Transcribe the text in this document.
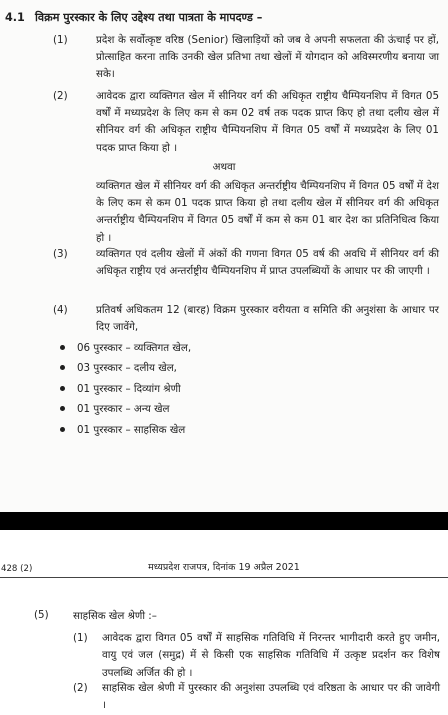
4.1 विक्रम पुरस्कार के लिए उद्देश्य तथा पात्रता के मापदण्ड –
(1)	प्रदेश के सर्वोत्कृष्ट वरिष्ठ (Senior) खिलाड़ियों को जब वे अपनी सफलता की ऊंचाई पर हों, प्रोत्साहित करना ताकि उनकी खेल प्रतिभा तथा खेलों में योगदान को अविस्मरणीय बनाया जा सके।
(2)	आवेदक द्वारा व्यक्तिगत खेल में सीनियर वर्ग की अधिकृत राष्ट्रीय चैम्पियनशिप में विगत 05 वर्षों में मध्यप्रदेश के लिए कम से कम 02 वर्ष तक पदक प्राप्त किए हो तथा दलीय खेल में सीनियर वर्ग की अधिकृत राष्ट्रीय चैम्पियनशिप में विगत 05 वर्षों में मध्यप्रदेश के लिए 01 पदक प्राप्त किया हो ।
अथवा
व्यक्तिगत खेल में सीनियर वर्ग की अधिकृत अन्तर्राष्ट्रीय चैम्पियनशिप में विगत 05 वर्षों में देश के लिए कम से कम 01 पदक प्राप्त किया हो तथा दलीय खेल में सीनियर वर्ग की अधिकृत अन्तर्राष्ट्रीय चैम्पियनशिप में विगत 05 वर्षों में कम से कम 01 बार देश का प्रतिनिधित्व किया हो ।
(3)	व्यक्तिगत एवं दलीय खेलों में अंकों की गणना विगत 05 वर्ष की अवधि में सीनियर वर्ग की अधिकृत राष्ट्रीय एवं अन्तर्राष्ट्रीय चैम्पियनशिप में प्राप्त उपलब्धियों के आधार पर की जाएगी ।
(4)	प्रतिवर्ष अधिकतम 12 (बारह) विक्रम पुरस्कार वरीयता व समिति की अनुशंसा के आधार पर दिए जावेंगे,
06 पुरस्कार – व्यक्तिगत खेल,
03 पुरस्कार – दलीय खेल,
01 पुरस्कार – दिव्यांग श्रेणी
01 पुरस्कार – अन्य खेल
01 पुरस्कार – साहसिक खेल
428 (2)	मध्यप्रदेश राजपत्र, दिनांक 19 अप्रैल 2021
(5) साहसिक खेल श्रेणी :–
(1) आवेदक द्वारा विगत 05 वर्षों में साहसिक गतिविधि में निरन्तर भागीदारी करते हुए जमीन, वायु एवं जल (समुद्र) में से किसी एक साहसिक गतिविधि में उत्कृष्ट प्रदर्शन कर विशेष उपलब्धि अर्जित की हो ।
(2) साहसिक खेल श्रेणी में पुरस्कार की अनुशंसा उपलब्धि एवं वरिष्ठता के आधार पर की जावेगी ।
